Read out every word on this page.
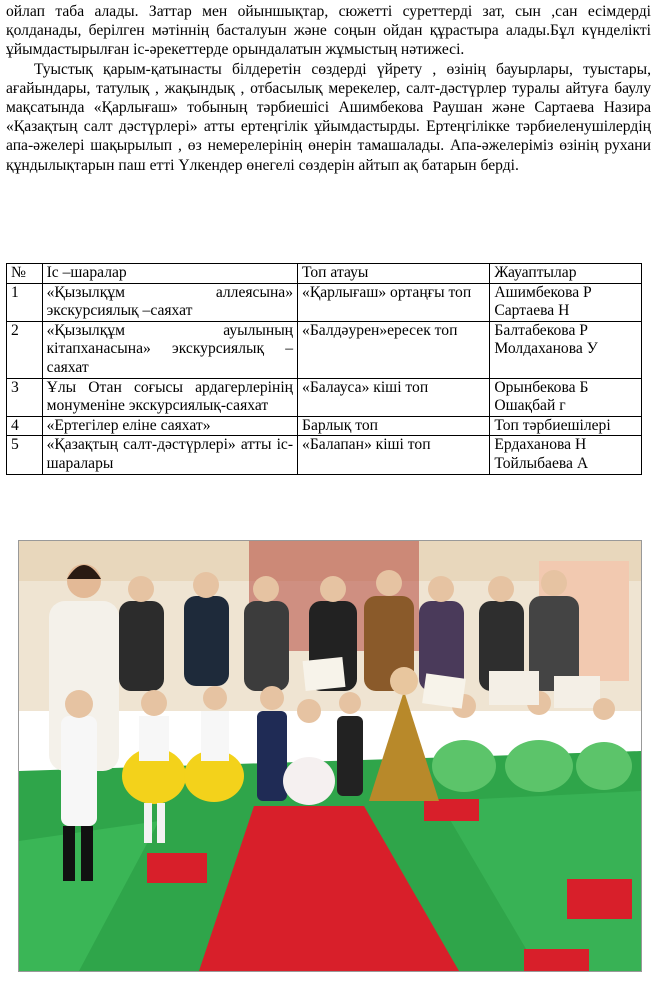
ойлап таба алады. Заттар мен ойыншықтар, сюжетті суреттерді зат, сын ,сан есімдерді қолданады, берілген мәтіннің басталуын және соңын ойдан құрастыра алады.Бұл күнделікті ұйымдастырылған іс-әрекеттерде орындалатын жұмыстың нәтижесі.

Туыстық қарым-қатынасты білдеретін сөздерді үйрету , өзінің бауырлары, туыстары, ағайындары, татулық , жақындық , отбасылық мерекелер, салт-дәстүрлер туралы айтуға баулу мақсатында «Қарлығаш» тобының тәрбиешісі Ашимбекова Раушан және Сартаева Назира «Қазақтың салт дәстүрлері» атты ертеңгілік ұйымдастырды. Ертеңгілікке тәрбиеленушілердің апа-әжелері шақырылып , өз немерелерінің өнерін тамашалады. Апа-әжелеріміз өзінің рухани құндылықтарын паш етті Үлкендер өнегелі сөздерін айтып ақ батарын берді.

№	Іс –шаралар	Топ атауы	Жауаптылар
1	«Қызылқұм аллеясына» экскурсиялық –саяхат	«Қарлығаш» ортаңғы топ	Ашимбекова Р Сартаева Н
2	«Қызылқұм ауылының кітапханасына» экскурсиялық –саяхат	«Балдәурен»ересек топ	Балтабекова Р Молдаханова У
3	Ұлы Отан соғысы ардагерлерінің монуменіне экскурсиялық-саяхат	«Балауса» кіші топ	Орынбекова Б Ошақбай г
4	«Ертегілер еліне саяхат»	Барлық топ	Топ тәрбиешілері
5	«Қазақтың салт-дәстүрлері» атты іс-шаралары	«Балапан» кіші топ	Ердаханова Н Тойлыбаева А
